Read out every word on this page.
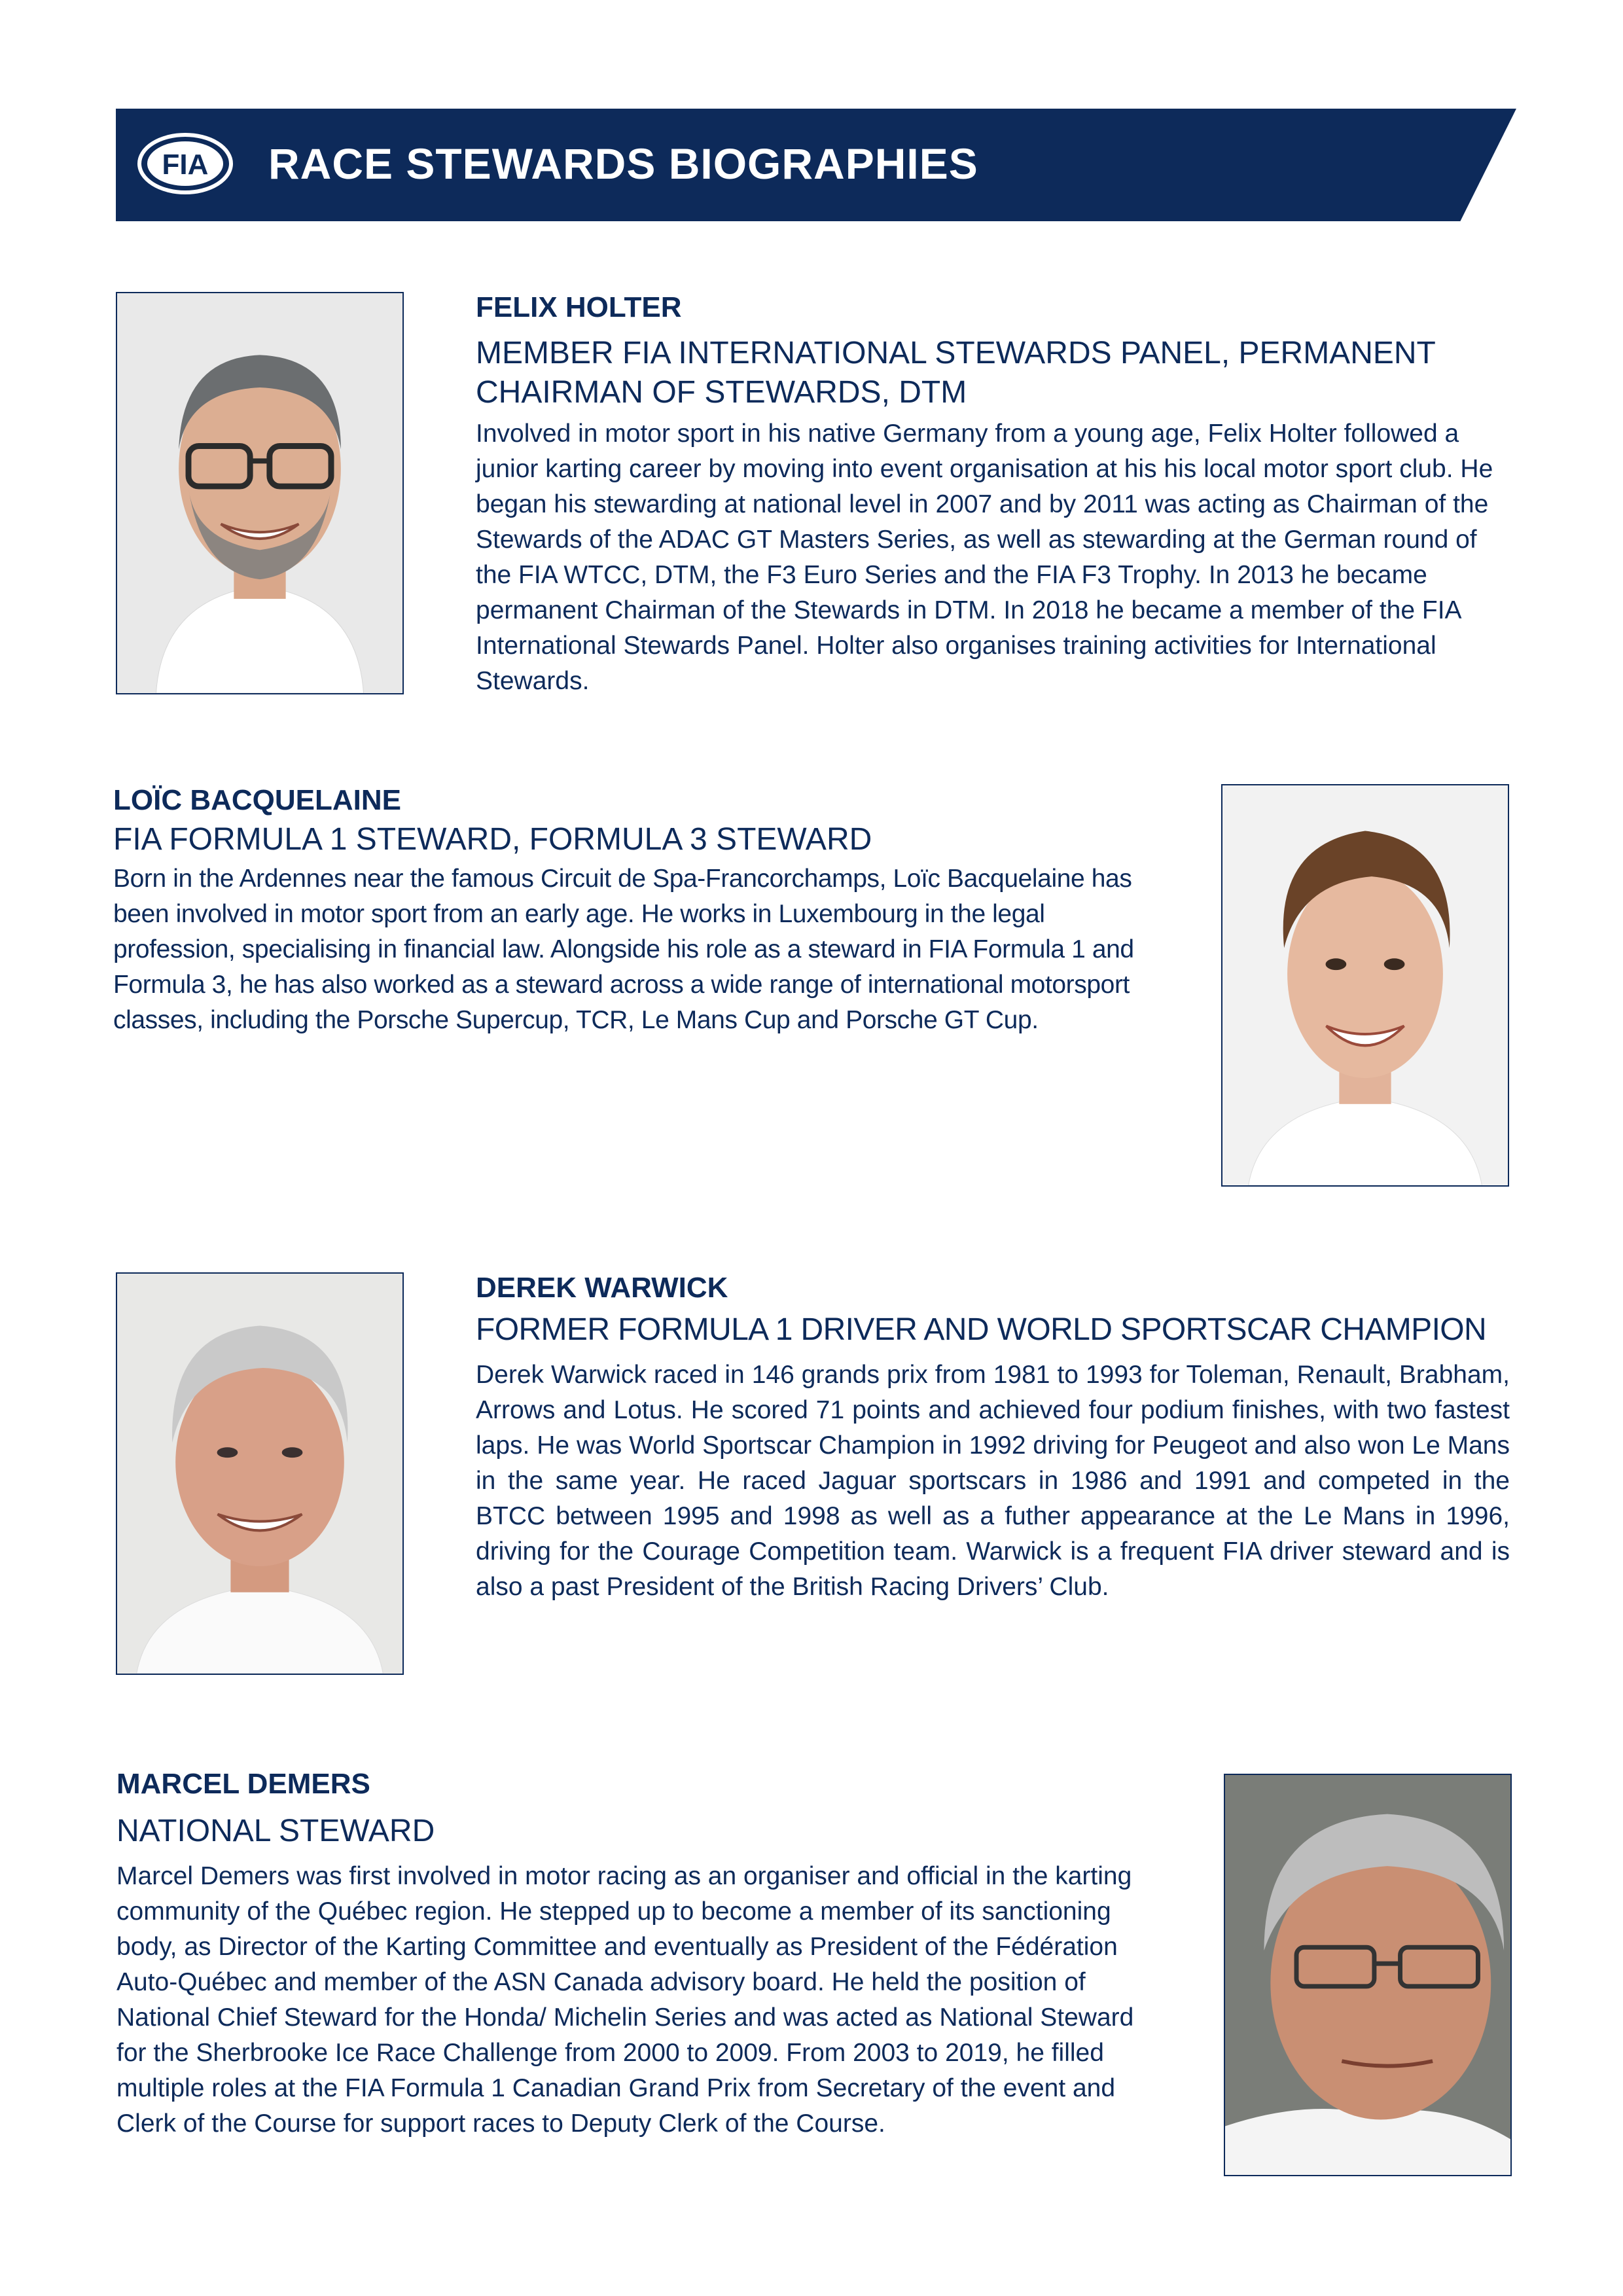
FIA RACE STEWARDS BIOGRAPHIES
FELIX HOLTER
MEMBER FIA INTERNATIONAL STEWARDS PANEL, PERMANENT CHAIRMAN OF STEWARDS, DTM
Involved in motor sport in his native Germany from a young age, Felix Holter followed a junior karting career by moving into event organisation at his his local motor sport club. He began his stewarding at national level in 2007 and by 2011 was acting as Chairman of the Stewards of the ADAC GT Masters Series, as well as stewarding at the German round of the FIA WTCC, DTM, the F3 Euro Series and the FIA F3 Trophy. In 2013 he became permanent Chairman of the Stewards in DTM. In 2018 he became a member of the FIA International Stewards Panel. Holter also organises training activities for International Stewards.
LOÏC BACQUELAINE
FIA FORMULA 1 STEWARD, FORMULA 3 STEWARD
Born in the Ardennes near the famous Circuit de Spa-Francorchamps, Loïc Bacquelaine has been involved in motor sport from an early age. He works in Luxembourg in the legal profession, specialising in financial law. Alongside his role as a steward in FIA Formula 1 and Formula 3, he has also worked as a steward across a wide range of international motorsport classes, including the Porsche Supercup, TCR, Le Mans Cup and Porsche GT Cup.
DEREK WARWICK
FORMER FORMULA 1 DRIVER AND WORLD SPORTSCAR CHAMPION
Derek Warwick raced in 146 grands prix from 1981 to 1993 for Toleman, Renault, Brabham, Arrows and Lotus. He scored 71 points and achieved four podium finishes, with two fastest laps. He was World Sportscar Champion in 1992 driving for Peugeot and also won Le Mans in the same year. He raced Jaguar sportscars in 1986 and 1991 and competed in the BTCC between 1995 and 1998 as well as a futher appearance at the Le Mans in 1996, driving for the Courage Competition team. Warwick is a frequent FIA driver steward and is also a past President of the British Racing Drivers’ Club.
MARCEL DEMERS
NATIONAL STEWARD
Marcel Demers was first involved in motor racing as an organiser and official in the karting community of the Québec region. He stepped up to become a member of its sanctioning body, as Director of the Karting Committee and eventually as President of the Fédération Auto-Québec and member of the ASN Canada advisory board. He held the position of National Chief Steward for the Honda/ Michelin Series and was acted as National Steward for the Sherbrooke Ice Race Challenge from 2000 to 2009. From 2003 to 2019, he filled multiple roles at the FIA Formula 1 Canadian Grand Prix from Secretary of the event and Clerk of the Course for support races to Deputy Clerk of the Course.
